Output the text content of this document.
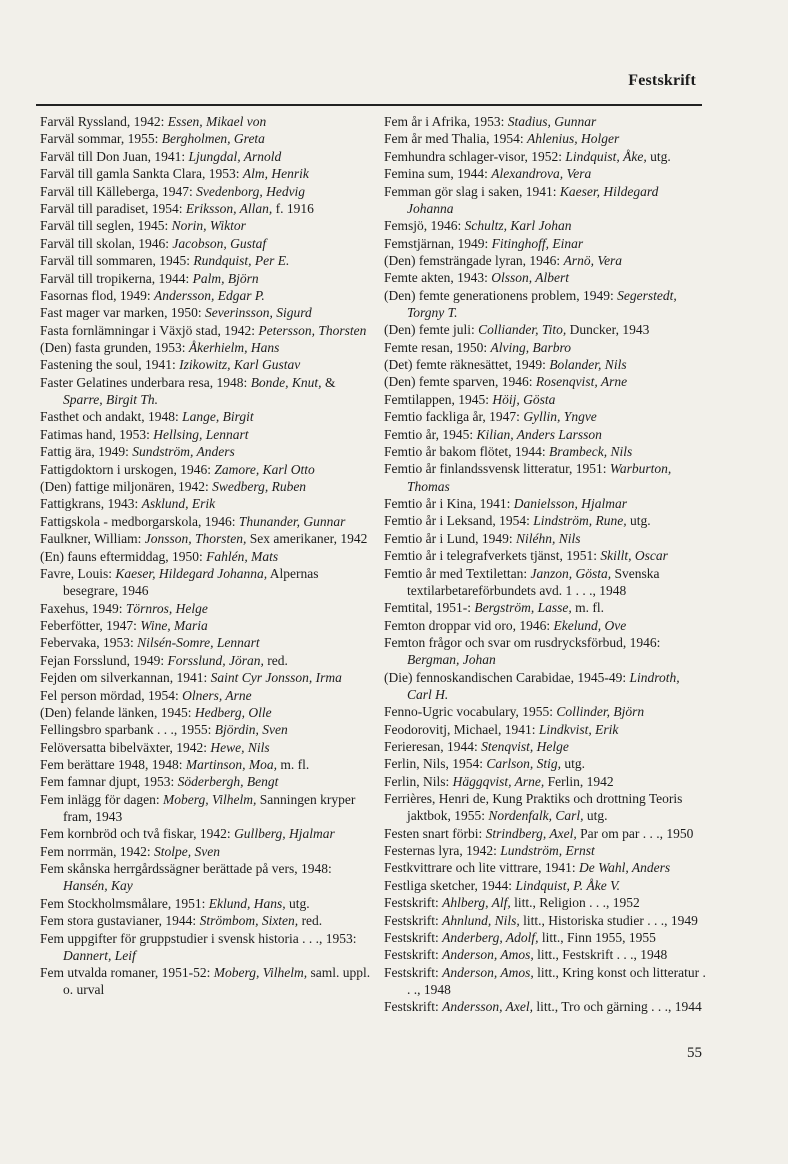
Festskrift

Farväl Ryssland, 1942: Essen, Mikael von

Farväl sommar, 1955: Bergholmen, Greta

Farväl till Don Juan, 1941: Ljungdal, Arnold

Farväl till gamla Sankta Clara, 1953: Alm, Henrik

Farväl till Källeberga, 1947: Svedenborg, Hedvig

Farväl till paradiset, 1954: Eriksson, Allan, f. 1916

Farväl till seglen, 1945: Norin, Wiktor

Farväl till skolan, 1946: Jacobson, Gustaf

Farväl till sommaren, 1945: Rundquist, Per E.

Farväl till tropikerna, 1944: Palm, Björn

Fasornas flod, 1949: Andersson, Edgar P.

Fast mager var marken, 1950: Severinsson, Sigurd

Fasta fornlämningar i Växjö stad, 1942: Petersson, Thorsten

(Den) fasta grunden, 1953: Åkerhielm, Hans

Fastening the soul, 1941: Izikowitz, Karl Gustav

Faster Gelatines underbara resa, 1948: Bonde, Knut, & Sparre, Birgit Th.

Fasthet och andakt, 1948: Lange, Birgit

Fatimas hand, 1953: Hellsing, Lennart

Fattig ära, 1949: Sundström, Anders

Fattigdoktorn i urskogen, 1946: Zamore, Karl Otto

(Den) fattige miljonären, 1942: Swedberg, Ruben

Fattigkrans, 1943: Asklund, Erik

Fattigskola - medborgarskola, 1946: Thunander, Gunnar

Faulkner, William: Jonsson, Thorsten, Sex amerikaner, 1942

(En) fauns eftermiddag, 1950: Fahlén, Mats

Favre, Louis: Kaeser, Hildegard Johanna, Alpernas besegrare, 1946

Faxehus, 1949: Törnros, Helge

Feberfötter, 1947: Wine, Maria

Febervaka, 1953: Nilsén-Somre, Lennart

Fejan Forsslund, 1949: Forsslund, Jöran, red.

Fejden om silverkannan, 1941: Saint Cyr Jonsson, Irma

Fel person mördad, 1954: Olners, Arne

(Den) felande länken, 1945: Hedberg, Olle

Fellingsbro sparbank . . ., 1955: Björdin, Sven

Felöversatta bibelväxter, 1942: Hewe, Nils

Fem berättare 1948, 1948: Martinson, Moa, m. fl.

Fem famnar djupt, 1953: Söderbergh, Bengt

Fem inlägg för dagen: Moberg, Vilhelm, Sanningen kryper fram, 1943

Fem kornbröd och två fiskar, 1942: Gullberg, Hjalmar

Fem norrmän, 1942: Stolpe, Sven

Fem skånska herrgårdssägner berättade på vers, 1948: Hansén, Kay

Fem Stockholmsmålare, 1951: Eklund, Hans, utg.

Fem stora gustavianer, 1944: Strömbom, Sixten, red.

Fem uppgifter för gruppstudier i svensk historia . . ., 1953: Dannert, Leif

Fem utvalda romaner, 1951-52: Moberg, Vilhelm, saml. uppl. o. urval

Fem år i Afrika, 1953: Stadius, Gunnar

Fem år med Thalia, 1954: Ahlenius, Holger

Femhundra schlager-visor, 1952: Lindquist, Åke, utg.

Femina sum, 1944: Alexandrova, Vera

Femman gör slag i saken, 1941: Kaeser, Hildegard Johanna

Femsjö, 1946: Schultz, Karl Johan

Femstjärnan, 1949: Fitinghoff, Einar

(Den) femsträngade lyran, 1946: Arnö, Vera

Femte akten, 1943: Olsson, Albert

(Den) femte generationens problem, 1949: Segerstedt, Torgny T.

(Den) femte juli: Colliander, Tito, Duncker, 1943

Femte resan, 1950: Alving, Barbro

(Det) femte räknesättet, 1949: Bolander, Nils

(Den) femte sparven, 1946: Rosenqvist, Arne

Femtilappen, 1945: Höij, Gösta

Femtio fackliga år, 1947: Gyllin, Yngve

Femtio år, 1945: Kilian, Anders Larsson

Femtio år bakom flötet, 1944: Brambeck, Nils

Femtio år finlandssvensk litteratur, 1951: Warburton, Thomas

Femtio år i Kina, 1941: Danielsson, Hjalmar

Femtio år i Leksand, 1954: Lindström, Rune, utg.

Femtio år i Lund, 1949: Niléhn, Nils

Femtio år i telegrafverkets tjänst, 1951: Skillt, Oscar

Femtio år med Textilettan: Janzon, Gösta, Svenska textilarbetareförbundets avd. 1 . . ., 1948

Femtital, 1951-: Bergström, Lasse, m. fl.

Femton droppar vid oro, 1946: Ekelund, Ove

Femton frågor och svar om rusdrycksförbud, 1946: Bergman, Johan

(Die) fennoskandischen Carabidae, 1945-49: Lindroth, Carl H.

Fenno-Ugric vocabulary, 1955: Collinder, Björn

Feodorovitj, Michael, 1941: Lindkvist, Erik

Ferieresan, 1944: Stenqvist, Helge

Ferlin, Nils, 1954: Carlson, Stig, utg.

Ferlin, Nils: Häggqvist, Arne, Ferlin, 1942

Ferrières, Henri de, Kung Praktiks och drottning Teoris jaktbok, 1955: Nordenfalk, Carl, utg.

Festen snart förbi: Strindberg, Axel, Par om par . . ., 1950

Festernas lyra, 1942: Lundström, Ernst

Festkvittrare och lite vittrare, 1941: De Wahl, Anders

Festliga sketcher, 1944: Lindquist, P. Åke V.

Festskrift: Ahlberg, Alf, litt., Religion . . ., 1952

Festskrift: Ahnlund, Nils, litt., Historiska studier . . ., 1949

Festskrift: Anderberg, Adolf, litt., Finn 1955, 1955

Festskrift: Anderson, Amos, litt., Festskrift . . ., 1948

Festskrift: Anderson, Amos, litt., Kring konst och litteratur . . ., 1948

Festskrift: Andersson, Axel, litt., Tro och gärning . . ., 1944

55
